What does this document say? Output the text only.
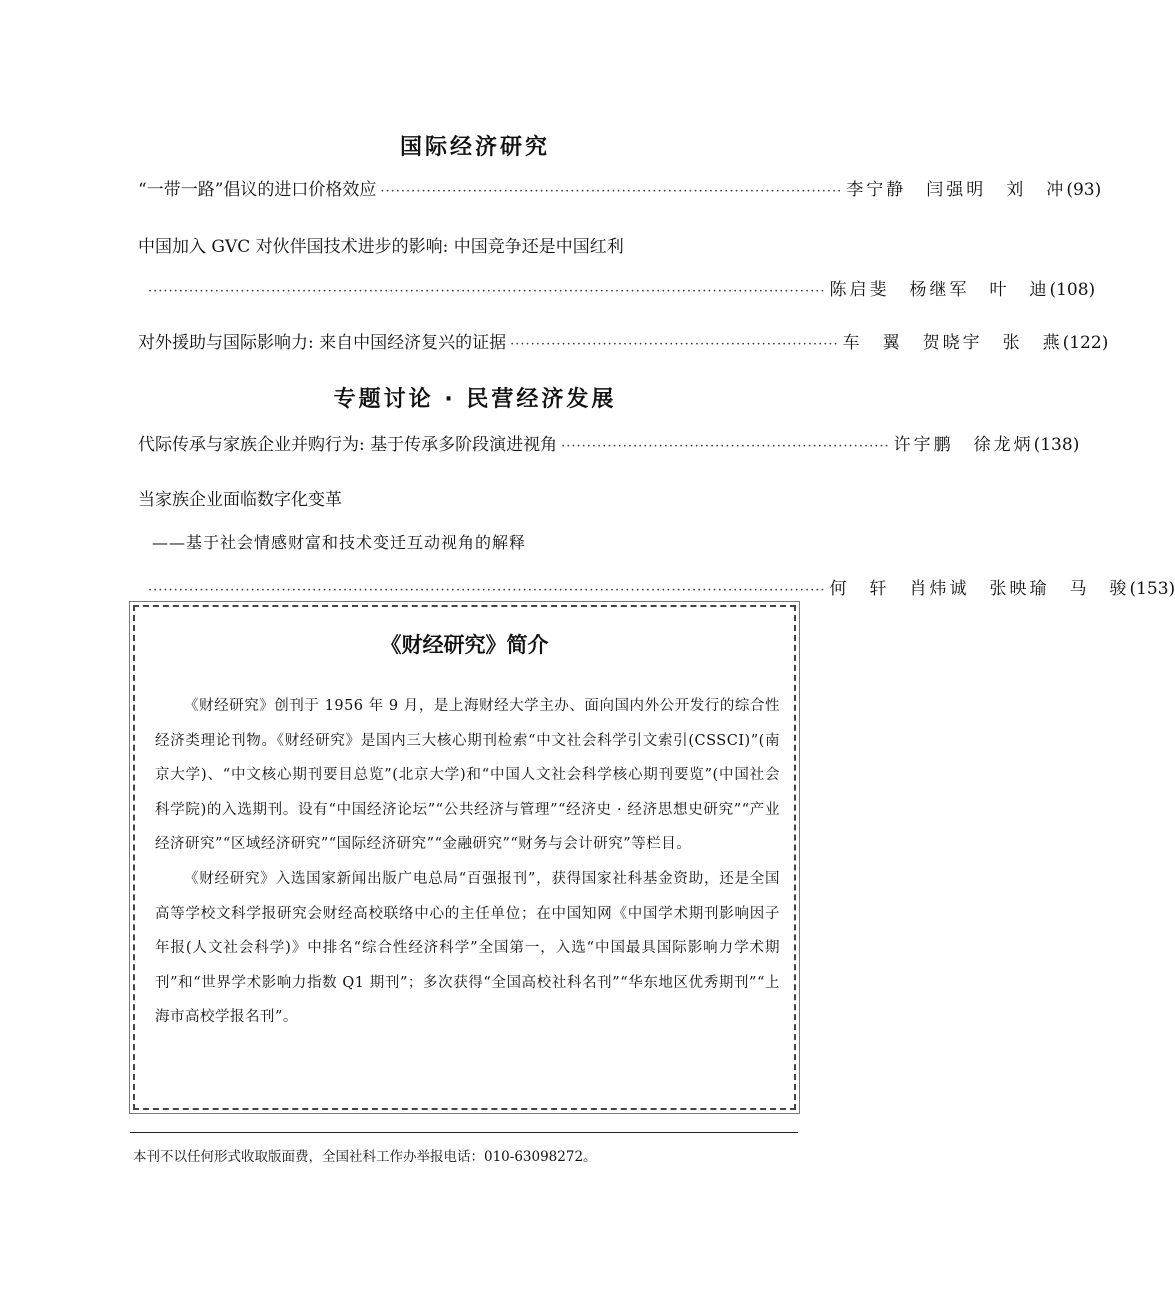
国际经济研究
“一带一路”倡议的进口价格效应 ·························································································· 李宁静　闫强明　刘　冲 (93)
中国加入 GVC 对伙伴国技术进步的影响: 中国竞争还是中国红利
···································································································································· 陈启斐　杨继军　叶　迪 (108)
对外援助与国际影响力: 来自中国经济复兴的证据 ································································ 车　翼　贺晓宇　张　燕 (122)
专题讨论 · 民营经济发展
代际传承与家族企业并购行为: 基于传承多阶段演进视角 ································································ 许宇鹏　徐龙炳 (138)
当家族企业面临数字化变革
——基于社会情感财富和技术变迁互动视角的解释
···································································································································· 何　轩　肖炜诚　张映瑜　马　骏 (153)
《财经研究》简介

《财经研究》创刊于 1956 年 9 月，是上海财经大学主办、面向国内外公开发行的综合性经济类理论刊物。《财经研究》是国内三大核心期刊检索“中文社会科学引文索引(CSSCI)”(南京大学)、“中文核心期刊要目总览”(北京大学)和“中国人文社会科学核心期刊要览”(中国社会科学院)的入选期刊。设有“中国经济论坛”“公共经济与管理”“经济史 · 经济思想史研究”“产业经济研究”“区域经济研究”“国际经济研究”“金融研究”“财务与会计研究”等栏目。

《财经研究》入选国家新闻出版广电总局“百强报刊”，获得国家社科基金资助，还是全国高等学校文科学报研究会财经高校联络中心的主任单位；在中国知网《中国学术期刊影响因子年报(人文社会科学)》中排名“综合性经济科学”全国第一，入选“中国最具国际影响力学术期刊”和“世界学术影响力指数 Q1 期刊”；多次获得“全国高校社科名刊”“华东地区优秀期刊”“上海市高校学报名刊”。

本刊不以任何形式收取版面费，全国社科工作办举报电话：010-63098272。
